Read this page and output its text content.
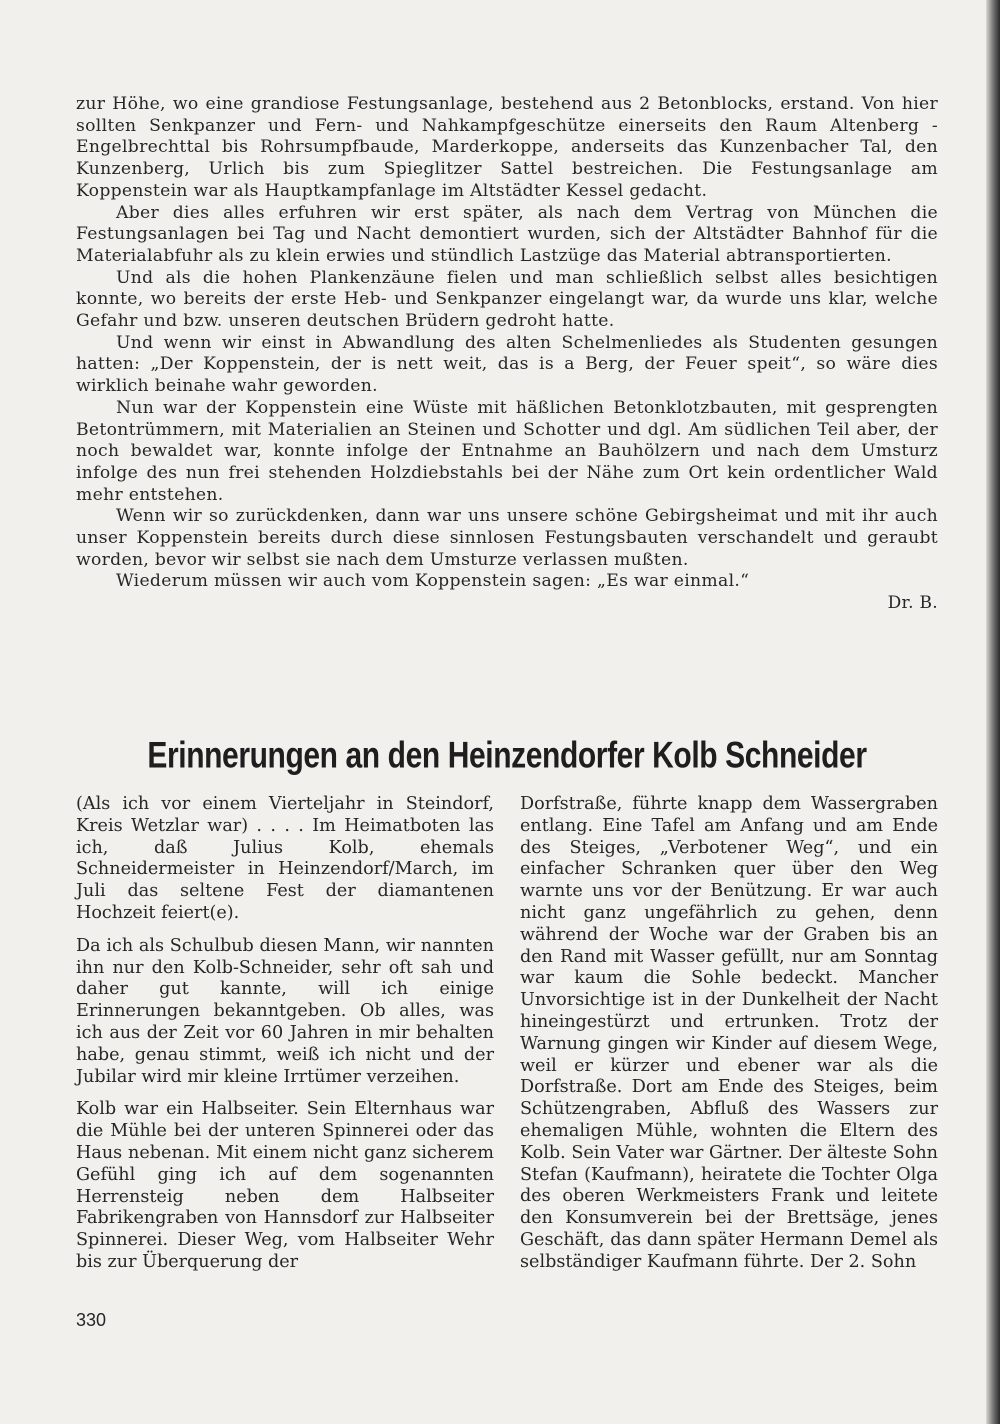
zur Höhe, wo eine grandiose Festungsanlage, bestehend aus 2 Betonblocks, erstand. Von hier sollten Senkpanzer und Fern- und Nahkampfgeschütze einerseits den Raum Altenberg - Engelbrechttal bis Rohrsumpfbaude, Marderkoppe, anderseits das Kunzenbacher Tal, den Kunzenberg, Urlich bis zum Spieglitzer Sattel bestreichen. Die Festungsanlage am Koppenstein war als Hauptkampfanlage im Altstädter Kessel gedacht.

Aber dies alles erfuhren wir erst später, als nach dem Vertrag von München die Festungsanlagen bei Tag und Nacht demontiert wurden, sich der Altstädter Bahnhof für die Materialabfuhr als zu klein erwies und stündlich Lastzüge das Material abtransportierten.

Und als die hohen Plankenzäune fielen und man schließlich selbst alles besichtigen konnte, wo bereits der erste Heb- und Senkpanzer eingelangt war, da wurde uns klar, welche Gefahr und bzw. unseren deutschen Brüdern gedroht hatte.

Und wenn wir einst in Abwandlung des alten Schelmenliedes als Studenten gesungen hatten: „Der Koppenstein, der is nett weit, das is a Berg, der Feuer speit“, so wäre dies wirklich beinahe wahr geworden.

Nun war der Koppenstein eine Wüste mit häßlichen Betonklotzbauten, mit gesprengten Betontrümmern, mit Materialien an Steinen und Schotter und dgl. Am südlichen Teil aber, der noch bewaldet war, konnte infolge der Entnahme an Bauhölzern und nach dem Umsturz infolge des nun frei stehenden Holzdiebstahls bei der Nähe zum Ort kein ordentlicher Wald mehr entstehen.

Wenn wir so zurückdenken, dann war uns unsere schöne Gebirgsheimat und mit ihr auch unser Koppenstein bereits durch diese sinnlosen Festungsbauten verschandelt und geraubt worden, bevor wir selbst sie nach dem Umsturze verlassen mußten.

Wiederum müssen wir auch vom Koppenstein sagen: „Es war einmal.“

Dr. B.

Erinnerungen an den Heinzendorfer Kolb Schneider

(Als ich vor einem Vierteljahr in Steindorf, Kreis Wetzlar war) . . . . Im Heimatboten las ich, daß Julius Kolb, ehemals Schneidermeister in Heinzendorf/March, im Juli das seltene Fest der diamantenen Hochzeit feiert(e).

Da ich als Schulbub diesen Mann, wir nannten ihn nur den Kolb-Schneider, sehr oft sah und daher gut kannte, will ich einige Erinnerungen bekanntgeben. Ob alles, was ich aus der Zeit vor 60 Jahren in mir behalten habe, genau stimmt, weiß ich nicht und der Jubilar wird mir kleine Irrtümer verzeihen.

Kolb war ein Halbseiter. Sein Elternhaus war die Mühle bei der unteren Spinnerei oder das Haus nebenan. Mit einem nicht ganz sicherem Gefühl ging ich auf dem sogenannten Herrensteig neben dem Halbseiter Fabrikengraben von Hannsdorf zur Halbseiter Spinnerei. Dieser Weg, vom Halbseiter Wehr bis zur Überquerung der

Dorfstraße, führte knapp dem Wassergraben entlang. Eine Tafel am Anfang und am Ende des Steiges, „Verbotener Weg“, und ein einfacher Schranken quer über den Weg warnte uns vor der Benützung. Er war auch nicht ganz ungefährlich zu gehen, denn während der Woche war der Graben bis an den Rand mit Wasser gefüllt, nur am Sonntag war kaum die Sohle bedeckt. Mancher Unvorsichtige ist in der Dunkelheit der Nacht hineingestürzt und ertrunken. Trotz der Warnung gingen wir Kinder auf diesem Wege, weil er kürzer und ebener war als die Dorfstraße. Dort am Ende des Steiges, beim Schützengraben, Abfluß des Wassers zur ehemaligen Mühle, wohnten die Eltern des Kolb. Sein Vater war Gärtner. Der älteste Sohn Stefan (Kaufmann), heiratete die Tochter Olga des oberen Werkmeisters Frank und leitete den Konsumverein bei der Brettsäge, jenes Geschäft, das dann später Hermann Demel als selbständiger Kaufmann führte. Der 2. Sohn

330
